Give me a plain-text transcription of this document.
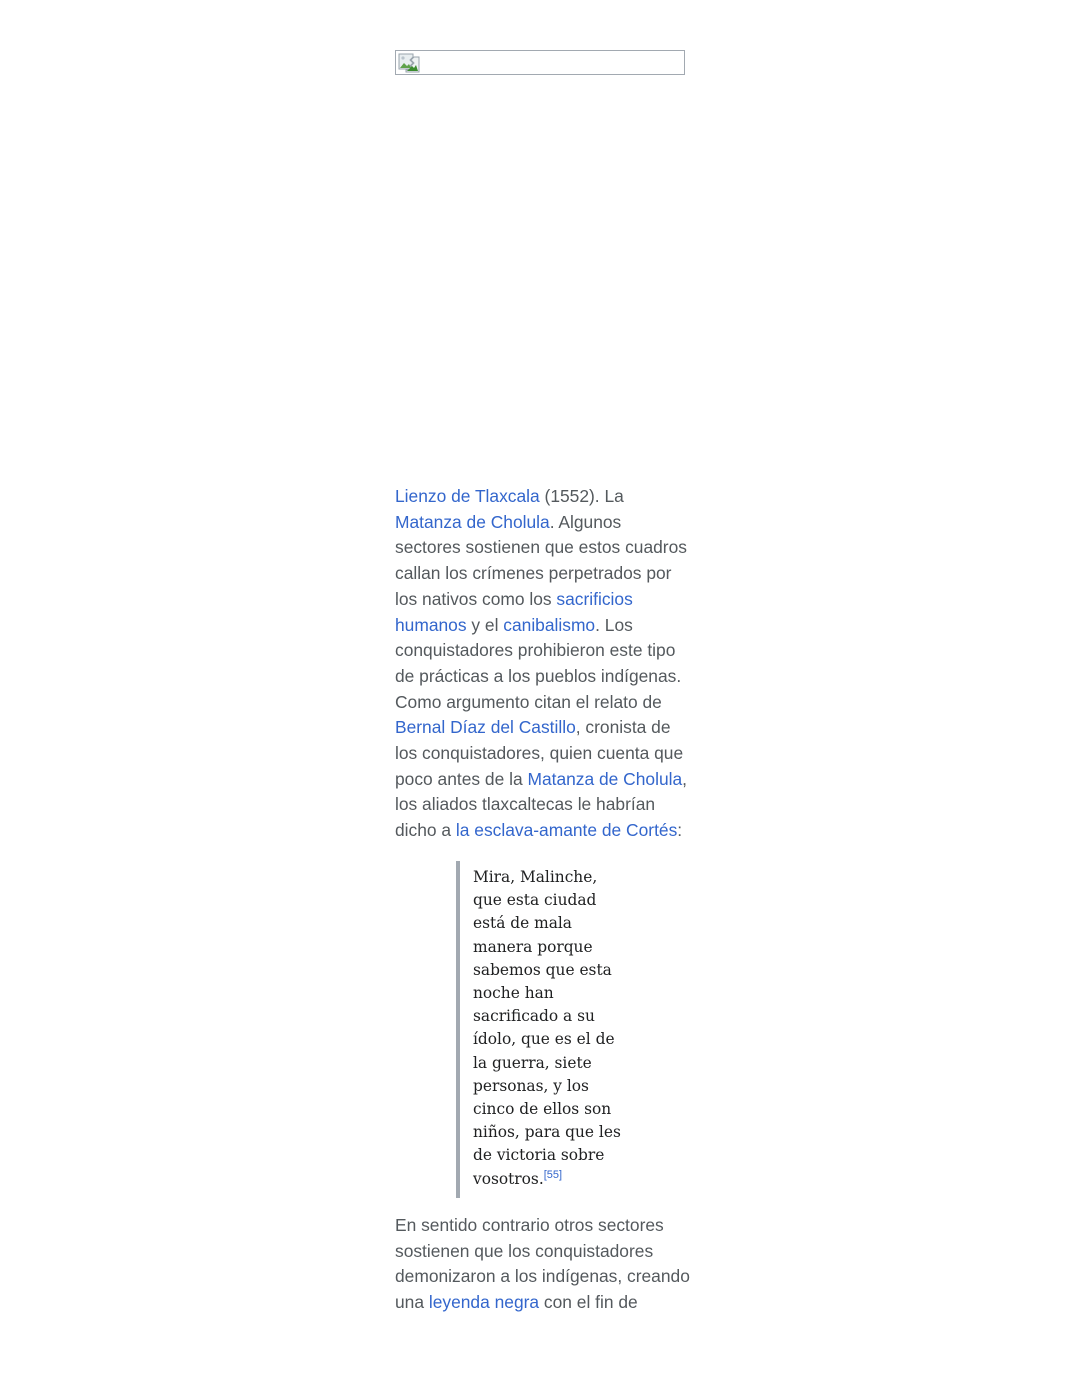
Lienzo de Tlaxcala (1552). La Matanza de Cholula. Algunos sectores sostienen que estos cuadros callan los crímenes perpetrados por los nativos como los sacrificios humanos y el canibalismo. Los conquistadores prohibieron este tipo de prácticas a los pueblos indígenas. Como argumento citan el relato de Bernal Díaz del Castillo, cronista de los conquistadores, quien cuenta que poco antes de la Matanza de Cholula, los aliados tlaxcaltecas le habrían dicho a la esclava-amante de Cortés:
Mira, Malinche, que esta ciudad está de mala manera porque sabemos que esta noche han sacrificado a su ídolo, que es el de la guerra, siete personas, y los cinco de ellos son niños, para que les de victoria sobre vosotros.[55]
En sentido contrario otros sectores sostienen que los conquistadores demonizaron a los indígenas, creando una leyenda negra con el fin de
